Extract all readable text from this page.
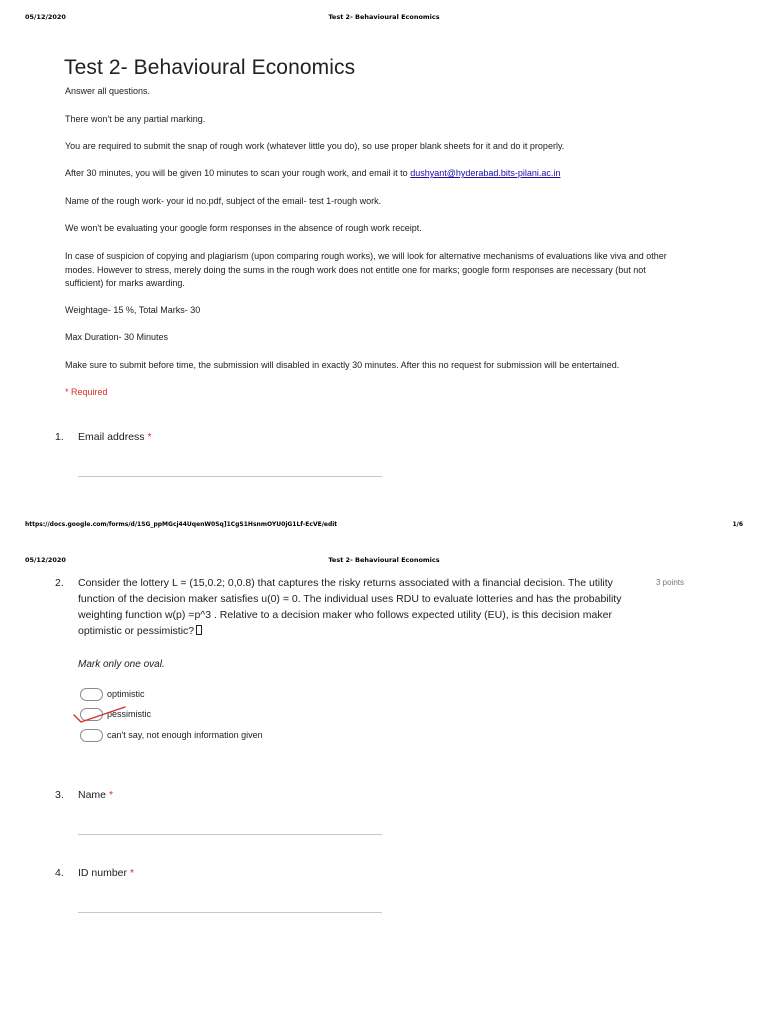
05/12/2020	Test 2- Behavioural Economics
Test 2- Behavioural Economics

Answer all questions.

There won't be any partial marking.

You are required to submit the snap of rough work (whatever little you do), so use proper blank sheets for it and do it properly.

After 30 minutes, you will be given 10 minutes to scan your rough work, and email it to dushyant@hyderabad.bits-pilani.ac.in

Name of the rough work- your id no.pdf, subject of the email- test 1-rough work.

We won't be evaluating your google form responses in the absence of rough work receipt.

In case of suspicion of copying and plagiarism (upon comparing rough works), we will look for alternative mechanisms of evaluations like viva and other modes. However to stress, merely doing the sums in the rough work does not entitle one for marks; google form responses are necessary (but not sufficient) for marks awarding.

Weightage- 15 %, Total Marks- 30

Max Duration- 30 Minutes

Make sure to submit before time, the submission will disabled in exactly 30 minutes. After this no request for submission will be entertained.

* Required

1. Email address *
https://docs.google.com/forms/d/1SG_ppMGcj44UqenW0Sq]1CgS1HsnmOYU0jG1Lf-EcVE/edit	1/6
05/12/2020	Test 2- Behavioural Economics
2. Consider the lottery L = (15,0.2; 0,0.8) that captures the risky returns associated with a financial decision. The utility function of the decision maker satisfies u(0) = 0. The individual uses RDU to evaluate lotteries and has the probability weighting function w(p) =p^3 . Relative to a decision maker who follows expected utility (EU), is this decision maker optimistic or pessimistic?

3 points

Mark only one oval.

optimistic
pessimistic
can't say, not enough information given
3. Name *
4. ID number *
